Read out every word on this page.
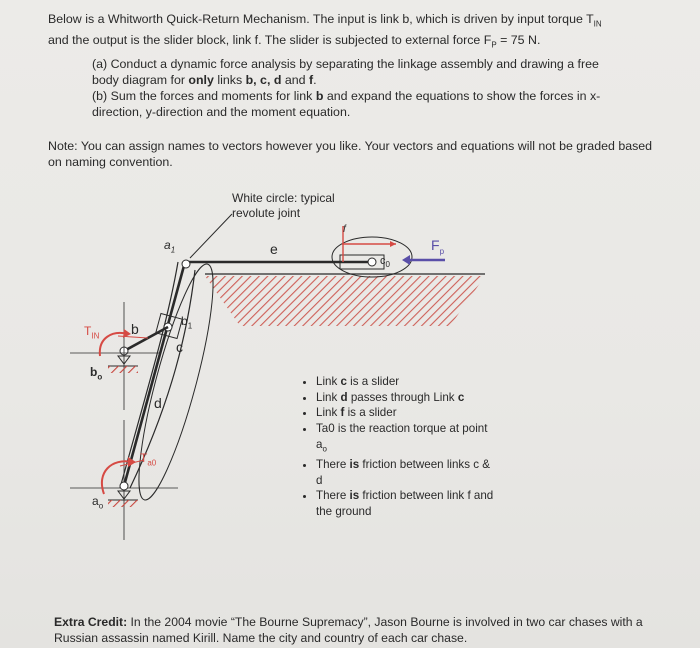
Below is a Whitworth Quick-Return Mechanism. The input is link b, which is driven by input torque $T_{IN}$
and the output is the slider block, link f. The slider is subjected to external force $F_P = 75$ N.
(a) Conduct a dynamic force analysis by separating the linkage assembly and drawing a free body diagram for only links b, c, d and f.
(b) Sum the forces and moments for link b and expand the equations to show the forces in x-direction, y-direction and the moment equation.
Note: You can assign names to vectors however you like. Your vectors and equations will not be graded based on naming convention.
White circle: typical revolute joint
$a_1$	e
f
$c_0$
$F_p$
$T_{IN}$ b	$b_1$
c
$b_o$
d
$T_{a0}$
$a_o$
• Link c is a slider
• Link d passes through Link c
• Link f is a slider
• Ta0 is the reaction torque at point $a_o$
• There is friction between links c & d
• There is friction between link f and the ground
Extra Credit: In the 2004 movie “The Bourne Supremacy”, Jason Bourne is involved in two car chases with a Russian assassin named Kirill. Name the city and country of each car chase.
